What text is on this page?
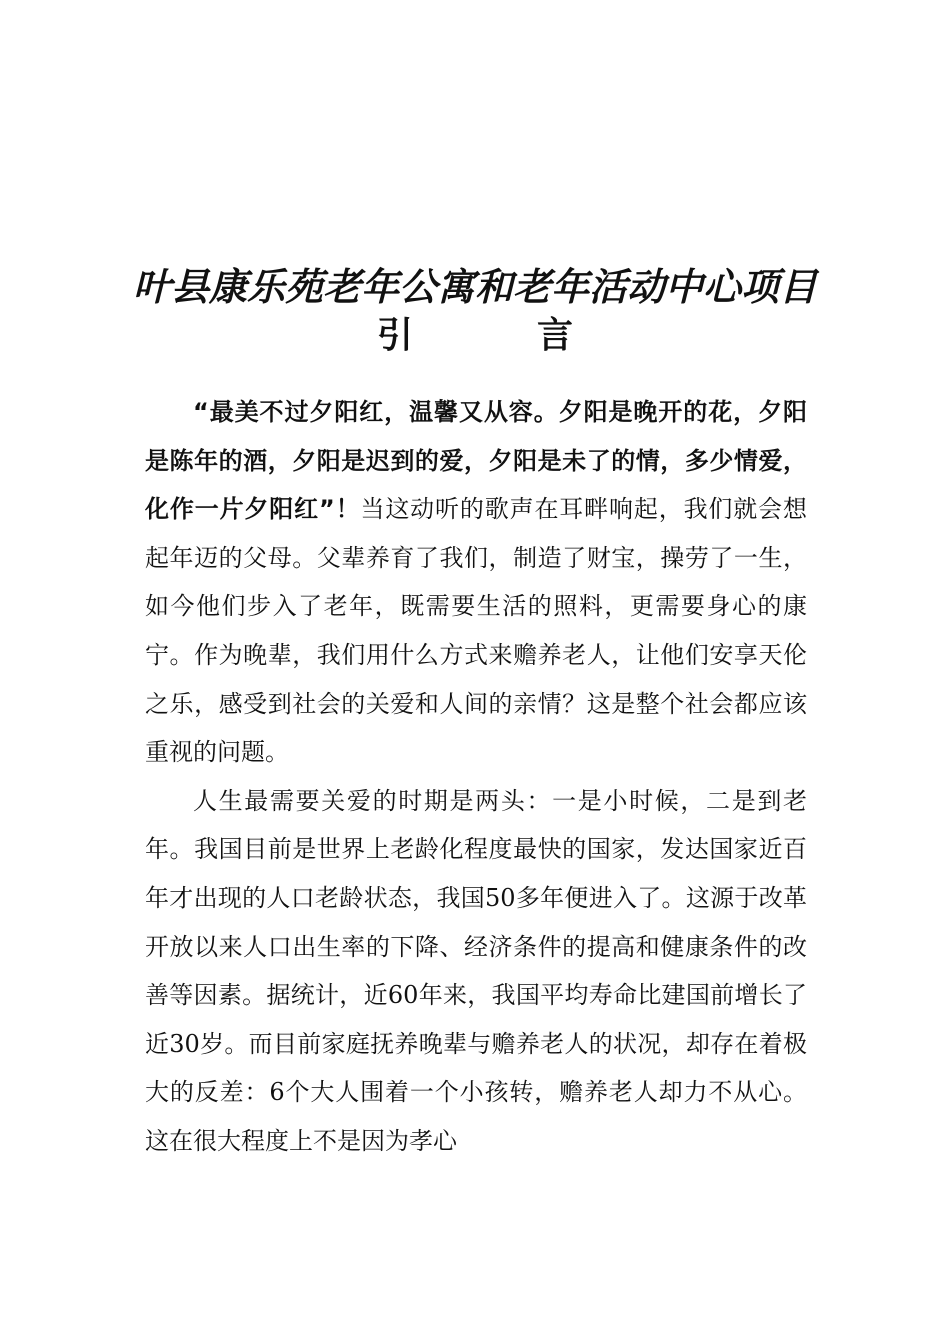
叶县康乐苑老年公寓和老年活动中心项目
引　言

“最美不过夕阳红，温馨又从容。夕阳是晚开的花，夕阳是陈年的酒，夕阳是迟到的爱，夕阳是未了的情，多少情爱，化作一片夕阳红”！当这动听的歌声在耳畔响起，我们就会想起年迈的父母。父辈养育了我们，制造了财宝，操劳了一生，如今他们步入了老年，既需要生活的照料，更需要身心的康宁。作为晚辈，我们用什么方式来赡养老人，让他们安享天伦之乐，感受到社会的关爱和人间的亲情？这是整个社会都应该重视的问题。

人生最需要关爱的时期是两头：一是小时候，二是到老年。我国目前是世界上老龄化程度最快的国家，发达国家近百年才出现的人口老龄状态，我国50多年便进入了。这源于改革开放以来人口出生率的下降、经济条件的提高和健康条件的改善等因素。据统计，近60年来，我国平均寿命比建国前增长了近30岁。而目前家庭抚养晚辈与赡养老人的状况，却存在着极大的反差：6个大人围着一个小孩转，赡养老人却力不从心。这在很大程度上不是因为孝心
